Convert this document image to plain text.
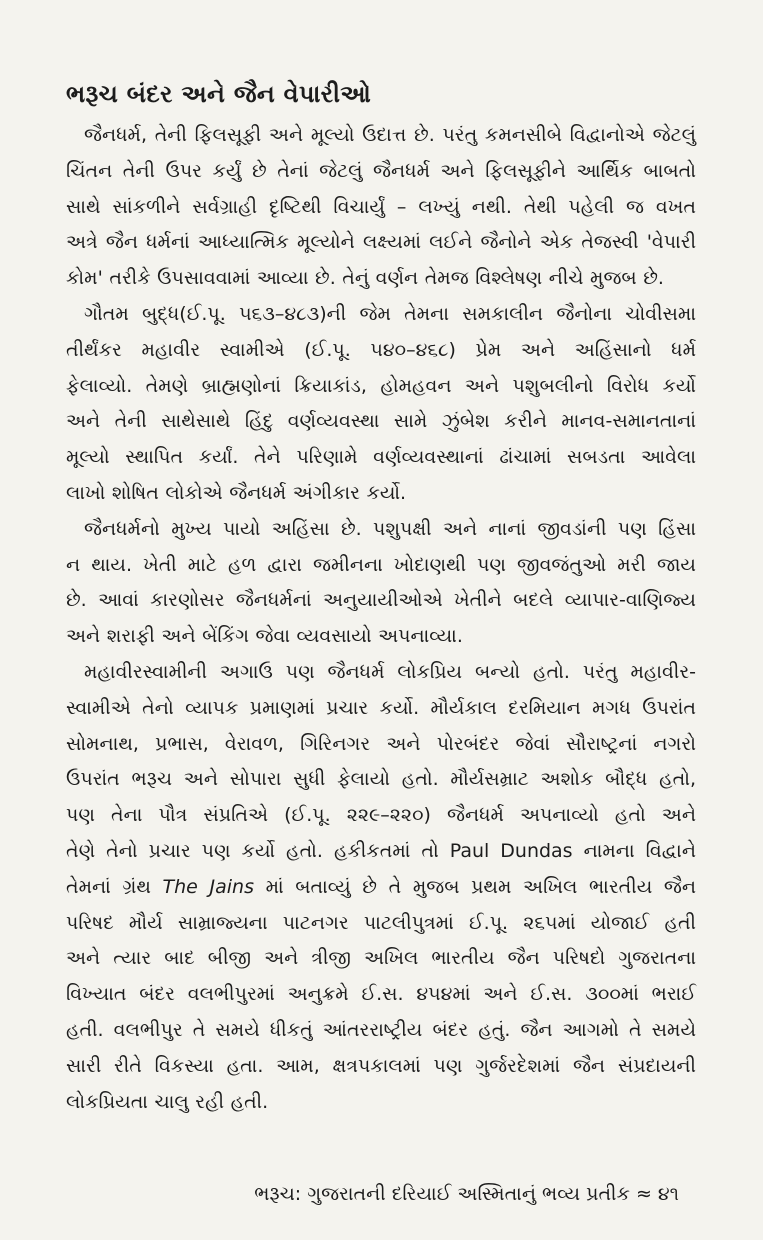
ભરૂચ બંદર અને જૈન વેપારીઓ
જૈનધર્મ, તેની ફિલસૂફી અને મૂલ્યો ઉદાત્ત છે. પરંતુ કમનસીબે વિદ્વાનોએ જેટલું
ચિંતન તેની ઉપર કર્યું છે તેનાં જેટલું જૈનધર્મ અને ફિલસૂફીને આર્થિક બાબતો
સાથે સાંકળીને સર્વગ્રાહી દૃષ્ટિથી વિચાર્યું – લખ્યું નથી. તેથી પહેલી જ વખત
અત્રે જૈન ધર્મનાં આધ્યાત્મિક મૂલ્યોને લક્ષ્યમાં લઈને જૈનોને એક તેજસ્વી 'વેપારી
કોમ' તરીકે ઉપસાવવામાં આવ્યા છે. તેનું વર્ણન તેમજ વિશ્લેષણ નીચે મુજબ છે.
ગૌતમ બુદ્ધ(ઈ.પૂ. ૫૬૩–૪૮૩)ની જેમ તેમના સમકાલીન જૈનોના ચોવીસમા
તીર્થંકર મહાવીર સ્વામીએ (ઈ.પૂ. ૫૪૦–૪૬૮) પ્રેમ અને અહિંસાનો ધર્મ
ફેલાવ્યો. તેમણે બ્રાહ્મણોનાં ક્રિયાકાંડ, હોમહવન અને પશુબલીનો વિરોધ કર્યો
અને તેની સાથેસાથે હિંદુ વર્ણવ્યવસ્થા સામે ઝુંબેશ કરીને માનવ-સમાનતાનાં
મૂલ્યો સ્થાપિત કર્યાં. તેને પરિણામે વર્ણવ્યવસ્થાનાં ઢાંચામાં સબડતા આવેલા
લાખો શોષિત લોકોએ જૈનધર્મ અંગીકાર કર્યો.
જૈનધર્મનો મુખ્ય પાયો અહિંસા છે. પશુપક્ષી અને નાનાં જીવડાંની પણ હિંસા
ન થાય. ખેતી માટે હળ દ્વારા જમીનના ખોદાણથી પણ જીવજંતુઓ મરી જાય
છે. આવાં કારણોસર જૈનધર્મનાં અનુયાયીઓએ ખેતીને બદલે વ્યાપાર-વાણિજ્ય
અને શરાફી અને બેંકિંગ જેવા વ્યવસાયો અપનાવ્યા.
મહાવીરસ્વામીની અગાઉ પણ જૈનધર્મ લોકપ્રિય બન્યો હતો. પરંતુ મહાવીર-
સ્વામીએ તેનો વ્યાપક પ્રમાણમાં પ્રચાર કર્યો. મૌર્યકાલ દરમિયાન મગધ ઉપરાંત
સોમનાથ, પ્રભાસ, વેરાવળ, ગિરિનગર અને પોરબંદર જેવાં સૌરાષ્ટ્રનાં નગરો
ઉપરાંત ભરૂચ અને સોપારા સુધી ફેલાયો હતો. મૌર્યસમ્રાટ અશોક બૌદ્ધ હતો,
પણ તેના પૌત્ર સંપ્રતિએ (ઈ.પૂ. ૨૨૯–૨૨૦) જૈનધર્મ અપનાવ્યો હતો અને
તેણે તેનો પ્રચાર પણ કર્યો હતો. હકીકતમાં તો Paul Dundas નામના વિદ્વાને
તેમનાં ગ્રંથ The Jains માં બતાવ્યું છે તે મુજબ પ્રથમ અખિલ ભારતીય જૈન
પરિષદ મૌર્ય સામ્રાજ્યના પાટનગર પાટલીપુત્રમાં ઈ.પૂ. ૨૬૫માં યોજાઈ હતી
અને ત્યાર બાદ બીજી અને ત્રીજી અખિલ ભારતીય જૈન પરિષદો ગુજરાતના
વિખ્યાત બંદર વલભીપુરમાં અનુક્રમે ઈ.સ. ૪૫૪માં અને ઈ.સ. ૩૦૦માં ભરાઈ
હતી. વલભીપુર તે સમયે ધીકતું આંતરરાષ્ટ્રીય બંદર હતું. જૈન આગમો તે સમયે
સારી રીતે વિકસ્યા હતા. આમ, ક્ષત્રપકાલમાં પણ ગુર્જરદેશમાં જૈન સંપ્રદાયની
લોકપ્રિયતા ચાલુ રહી હતી.
ભરૂચ: ગુજરાતની દરિયાઈ અસ્મિતાનું ભવ્ય પ્રતીક ≈ ૪૧
